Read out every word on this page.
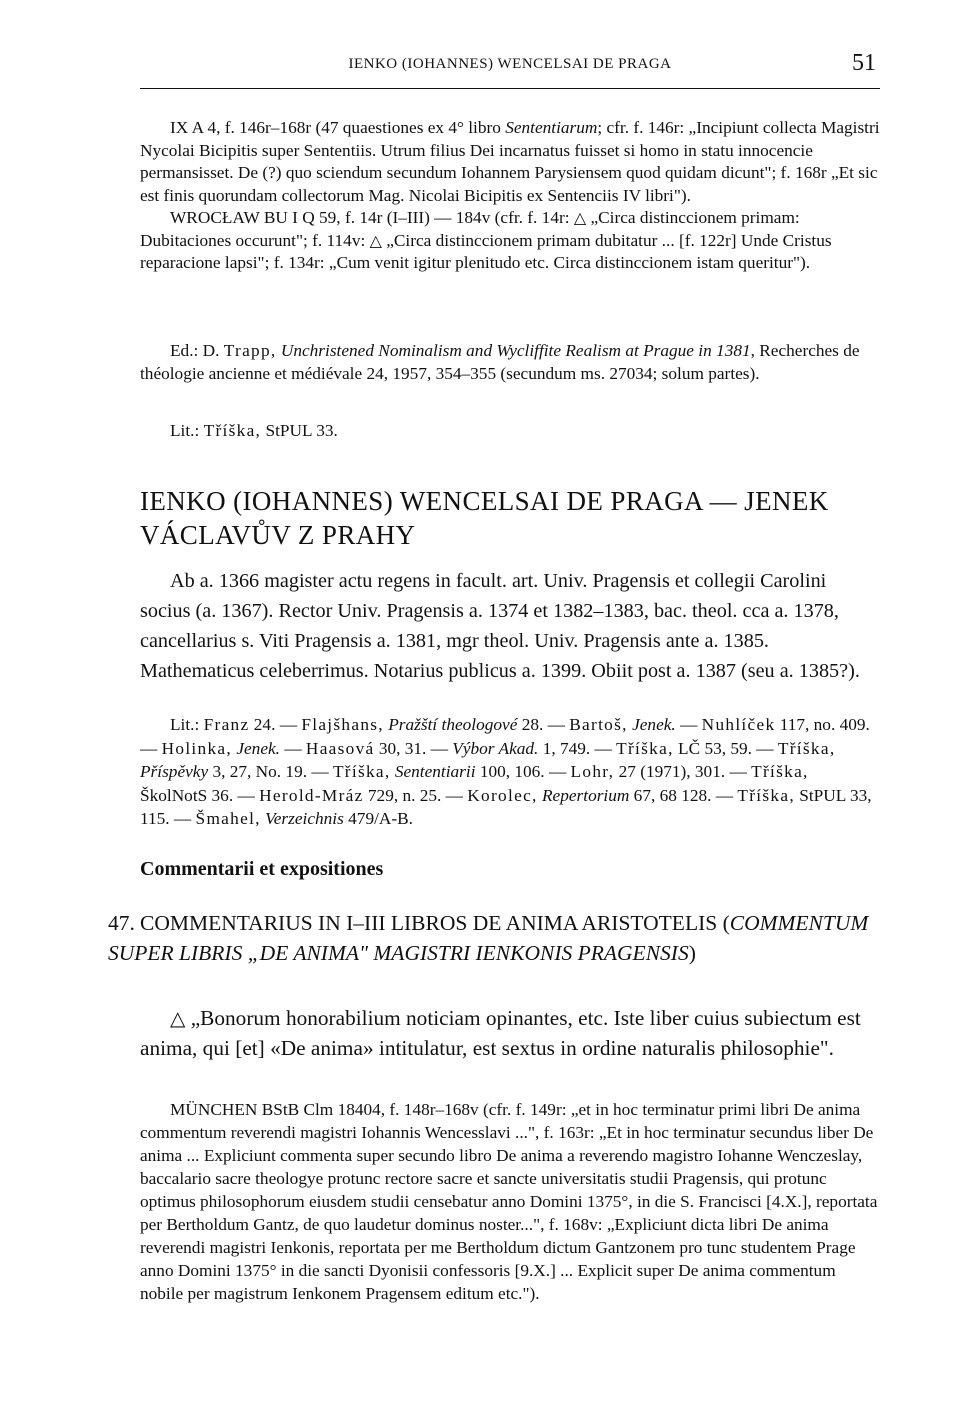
IENKO (IOHANNES) WENCELSAI DE PRAGA	51

IX A 4, f. 146r–168r (47 quaestiones ex 4° libro Sententiarum; cfr. f. 146r: „Incipiunt collecta Magistri Nycolai Bicipitis super Sententiis. Utrum filius Dei incarnatus fuisset si homo in statu innocencie permansisset. De (?) quo sciendum secundum Iohannem Parysiensem quod quidam dicunt"; f. 168r „Et sic est finis quorundam collectorum Mag. Nicolai Bicipitis ex Sentenciis IV libri").

WROCŁAW BU I Q 59, f. 14r (I–III) — 184v (cfr. f. 14r: △ „Circa distinccionem primam: Dubitaciones occurunt"; f. 114v: △ „Circa distinccionem primam dubitatur ... [f. 122r] Unde Cristus reparacione lapsi"; f. 134r: „Cum venit igitur plenitudo etc. Circa distinccionem istam queritur").

Ed.: D. Trapp, Unchristened Nominalism and Wycliffite Realism at Prague in 1381, Recherches de théologie ancienne et médiévale 24, 1957, 354–355 (secundum ms. 27034; solum partes).

Lit.: Tříška, StPUL 33.

IENKO (IOHANNES) WENCELSAI DE PRAGA — JENEK
VÁCLAVŮV Z PRAHY

Ab a. 1366 magister actu regens in facult. art. Univ. Pragensis et collegii Carolini socius (a. 1367). Rector Univ. Pragensis a. 1374 et 1382–1383, bac. theol. cca a. 1378, cancellarius s. Viti Pragensis a. 1381, mgr theol. Univ. Pragensis ante a. 1385. Mathematicus celeberrimus. Notarius publicus a. 1399. Obiit post a. 1387 (seu a. 1385?).

Lit.: Franz 24. — Flajšhans, Pražští theologové 28. — Bartoš, Jenek. — Nuhlíček 117, no. 409. — Holinka, Jenek. — Haasová 30, 31. — Výbor Akad. 1, 749. — Tříška, LČ 53, 59. — Tříška, Příspěvky 3, 27, No. 19. — Tříška, Sententiarii 100, 106. — Lohr, 27 (1971), 301. — Tříška, ŠkolNotS 36. — Herold-Mráz 729, n. 25. — Korolec, Repertorium 67, 68 128. — Tříška, StPUL 33, 115. — Šmahel, Verzeichnis 479/A-B.

Commentarii et expositiones
47. COMMENTARIUS IN I–III LIBROS DE ANIMA ARISTOTELIS (COMMENTUM SUPER LIBRIS „DE ANIMA" MAGISTRI IENKONIS PRAGENSIS)

△ „Bonorum honorabilium noticiam opinantes, etc. Iste liber cuius subiectum est anima, qui [et] «De anima» intitulatur, est sextus in ordine naturalis philosophie".

MÜNCHEN BStB Clm 18404, f. 148r–168v (cfr. f. 149r: „et in hoc terminatur primi libri De anima commentum reverendi magistri Iohannis Wencesslavi ...", f. 163r: „Et in hoc terminatur secundus liber De anima ... Expliciunt commenta super secundo libro De anima a reverendo magistro Iohanne Wenczeslay, baccalario sacre theologye protunc rectore sacre et sancte universitatis studii Pragensis, qui protunc optimus philosophorum eiusdem studii censebatur anno Domini 1375°, in die S. Francisci [4.X.], reportata per Bertholdum Gantz, de quo laudetur dominus noster...", f. 168v: „Expliciunt dicta libri De anima reverendi magistri Ienkonis, reportata per me Bertholdum dictum Gantzonem pro tunc studentem Prage anno Domini 1375° in die sancti Dyonisii confessoris [9.X.] ... Explicit super De anima commentum nobile per magistrum Ienkonem Pragensem editum etc.").
